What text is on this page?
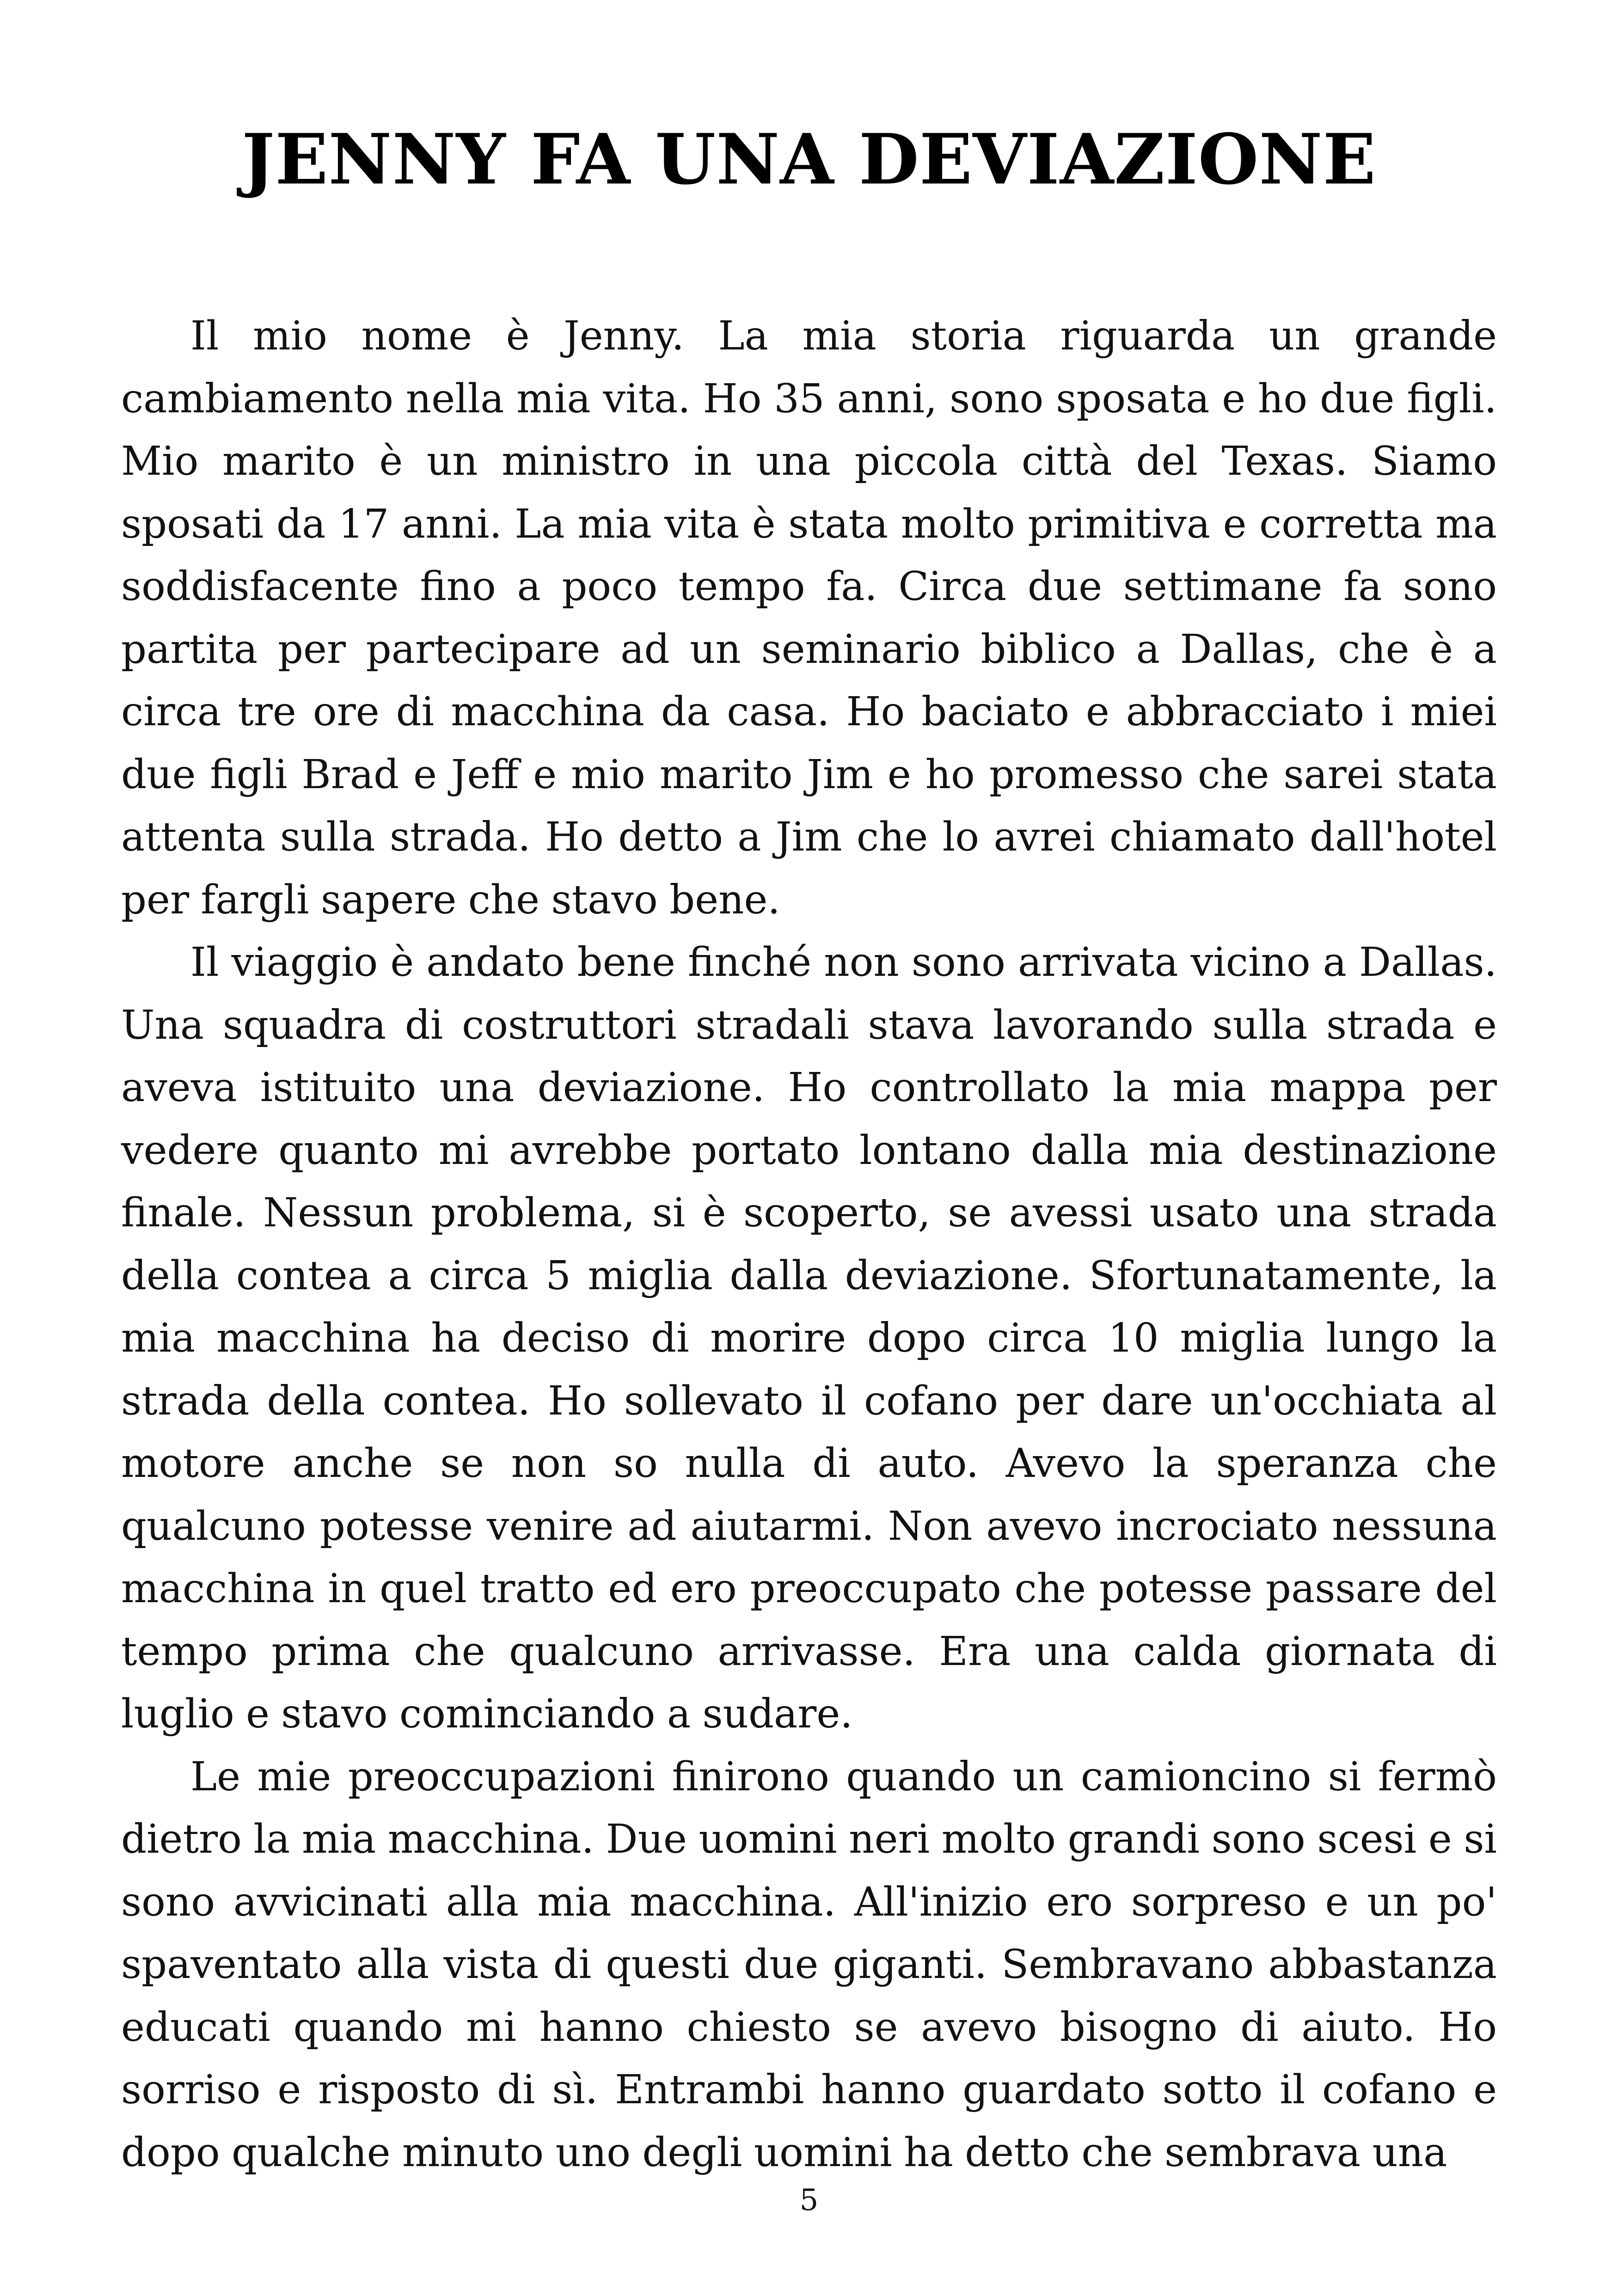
JENNY FA UNA DEVIAZIONE

Il mio nome è Jenny. La mia storia riguarda un grande cambiamento nella mia vita. Ho 35 anni, sono sposata e ho due figli. Mio marito è un ministro in una piccola città del Texas. Siamo sposati da 17 anni. La mia vita è stata molto primitiva e corretta ma soddisfacente fino a poco tempo fa. Circa due settimane fa sono partita per partecipare ad un seminario biblico a Dallas, che è a circa tre ore di macchina da casa. Ho baciato e abbracciato i miei due figli Brad e Jeff e mio marito Jim e ho promesso che sarei stata attenta sulla strada. Ho detto a Jim che lo avrei chiamato dall'hotel per fargli sapere che stavo bene.

Il viaggio è andato bene finché non sono arrivata vicino a Dallas. Una squadra di costruttori stradali stava lavorando sulla strada e aveva istituito una deviazione. Ho controllato la mia mappa per vedere quanto mi avrebbe portato lontano dalla mia destinazione finale. Nessun problema, si è scoperto, se avessi usato una strada della contea a circa 5 miglia dalla deviazione. Sfortunatamente, la mia macchina ha deciso di morire dopo circa 10 miglia lungo la strada della contea. Ho sollevato il cofano per dare un'occhiata al motore anche se non so nulla di auto. Avevo la speranza che qualcuno potesse venire ad aiutarmi. Non avevo incrociato nessuna macchina in quel tratto ed ero preoccupato che potesse passare del tempo prima che qualcuno arrivasse. Era una calda giornata di luglio e stavo cominciando a sudare.

Le mie preoccupazioni finirono quando un camioncino si fermò dietro la mia macchina. Due uomini neri molto grandi sono scesi e si sono avvicinati alla mia macchina. All'inizio ero sorpreso e un po' spaventato alla vista di questi due giganti. Sembravano abbastanza educati quando mi hanno chiesto se avevo bisogno di aiuto. Ho sorriso e risposto di sì. Entrambi hanno guardato sotto il cofano e dopo qualche minuto uno degli uomini ha detto che sembrava una

5
